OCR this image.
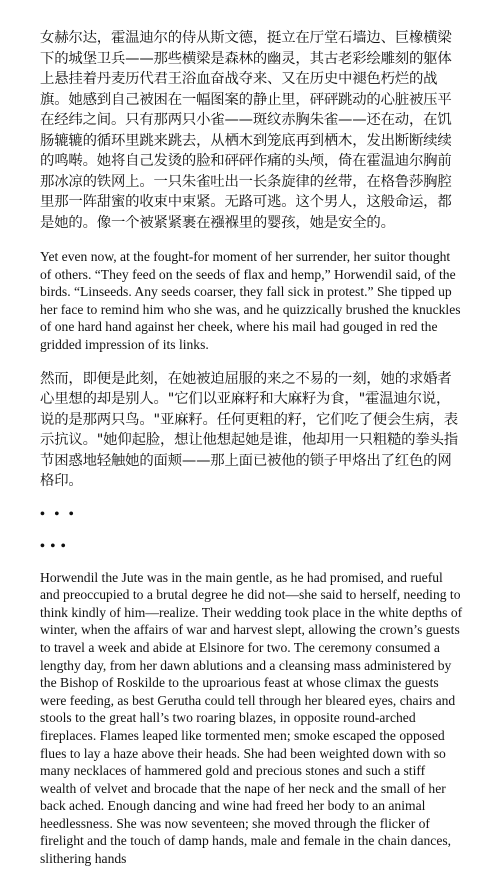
女赫尔达，霍温迪尔的侍从斯文德，挺立在厅堂石墙边、巨橡横梁下的城堡卫兵——那些横梁是森林的幽灵，其古老彩绘雕刻的躯体上悬挂着丹麦历代君王浴血奋战夺来、又在历史中褪色朽烂的战旗。她感到自己被困在一幅图案的静止里，砰砰跳动的心脏被压平在经纬之间。只有那两只小雀——斑纹赤胸朱雀——还在动，在饥肠辘辘的循环里跳来跳去，从栖木到笼底再到栖木，发出断断续续的鸣啭。她将自己发烫的脸和砰砰作痛的头颅，倚在霍温迪尔胸前那冰凉的铁网上。一只朱雀吐出一长条旋律的丝带，在格鲁莎胸腔里那一阵甜蜜的收束中束紧。无路可逃。这个男人，这般命运，都是她的。像一个被紧紧裹在襁褓里的婴孩，她是安全的。

Yet even now, at the fought-for moment of her surrender, her suitor thought of others. “They feed on the seeds of flax and hemp,” Horwendil said, of the birds. “Linseeds. Any seeds coarser, they fall sick in protest.” She tipped up her face to remind him who she was, and he quizzically brushed the knuckles of one hard hand against her cheek, where his mail had gouged in red the gridded impression of its links.

然而，即便是此刻，在她被迫屈服的来之不易的一刻，她的求婚者心里想的却是别人。"它们以亚麻籽和大麻籽为食，"霍温迪尔说，说的是那两只鸟。"亚麻籽。任何更粗的籽，它们吃了便会生病，表示抗议。"她仰起脸，想让他想起她是谁，他却用一只粗糙的拳头指节困惑地轻触她的面颊——那上面已被他的锁子甲烙出了红色的网格印。

• • •
• • •

Horwendil the Jute was in the main gentle, as he had promised, and rueful and preoccupied to a brutal degree he did not—she said to herself, needing to think kindly of him—realize. Their wedding took place in the white depths of winter, when the affairs of war and harvest slept, allowing the crown’s guests to travel a week and abide at Elsinore for two. The ceremony consumed a lengthy day, from her dawn ablutions and a cleansing mass administered by the Bishop of Roskilde to the uproarious feast at whose climax the guests were feeding, as best Gerutha could tell through her bleared eyes, chairs and stools to the great hall’s two roaring blazes, in opposite round-arched fireplaces. Flames leaped like tormented men; smoke escaped the opposed flues to lay a haze above their heads. She had been weighted down with so many necklaces of hammered gold and precious stones and such a stiff wealth of velvet and brocade that the nape of her neck and the small of her back ached. Enough dancing and wine had freed her body to an animal heedlessness. She was now seventeen; she moved through the flicker of firelight and the touch of damp hands, male and female in the chain dances, slithering hands
